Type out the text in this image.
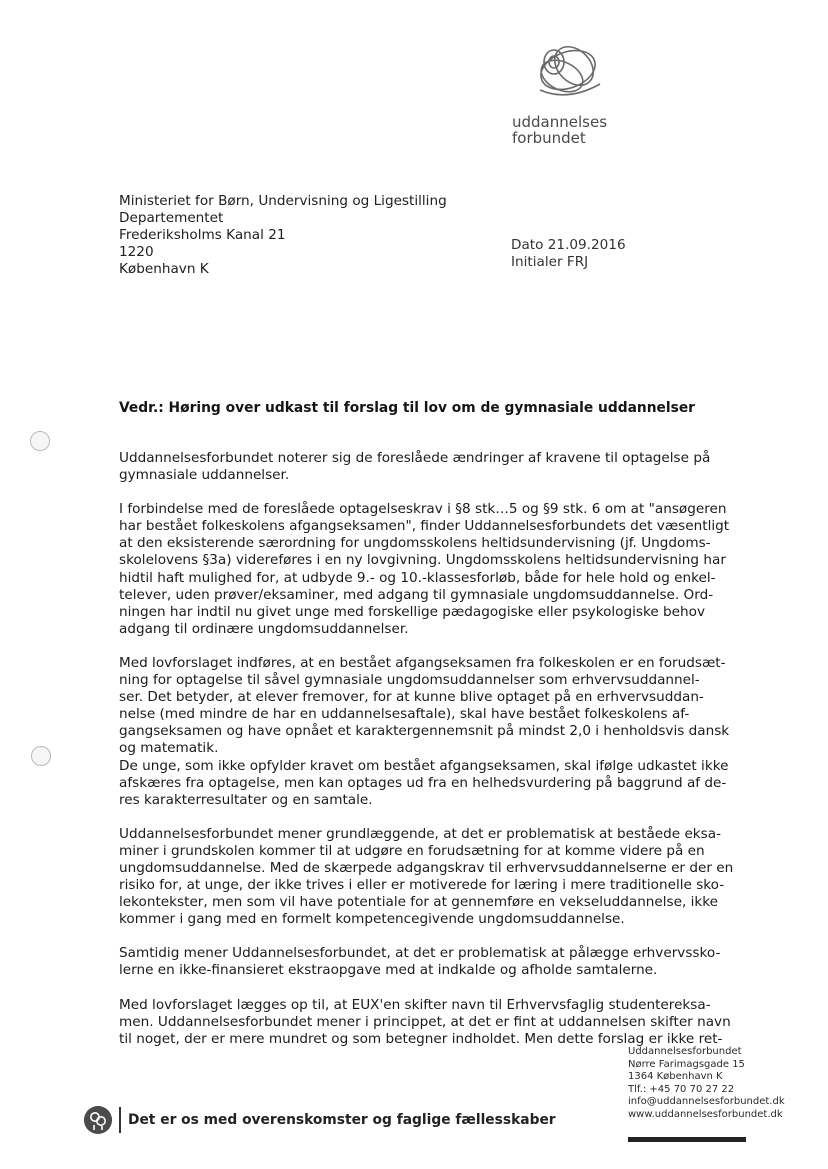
uddannelses
forbundet
Ministeriet for Børn, Undervisning og Ligestilling
Departementet
Frederiksholms Kanal 21
1220
København K
Dato 21.09.2016
Initialer FRJ
Vedr.: Høring over udkast til forslag til lov om de gymnasiale uddannelser

Uddannelsesforbundet noterer sig de foreslåede ændringer af kravene til optagelse på
gymnasiale uddannelser.

I forbindelse med de foreslåede optagelseskrav i §8 stk…5 og §9 stk. 6 om at "ansøgeren
har bestået folkeskolens afgangseksamen", finder Uddannelsesforbundets det væsentligt
at den eksisterende særordning for ungdomsskolens heltidsundervisning (jf. Ungdoms-
skolelovens §3a) videreføres i en ny lovgivning. Ungdomsskolens heltidsundervisning har
hidtil haft mulighed for, at udbyde 9.- og 10.-klassesforløb, både for hele hold og enkel-
telever, uden prøver/eksaminer, med adgang til gymnasiale ungdomsuddannelse. Ord-
ningen har indtil nu givet unge med forskellige pædagogiske eller psykologiske behov
adgang til ordinære ungdomsuddannelser.

Med lovforslaget indføres, at en bestået afgangseksamen fra folkeskolen er en forudsæt-
ning for optagelse til såvel gymnasiale ungdomsuddannelser som erhvervsuddannel-
ser. Det betyder, at elever fremover, for at kunne blive optaget på en erhvervsuddan-
nelse (med mindre de har en uddannelsesaftale), skal have bestået folkeskolens af-
gangseksamen og have opnået et karaktergennemsnit på mindst 2,0 i henholdsvis dansk
og matematik.

De unge, som ikke opfylder kravet om bestået afgangseksamen, skal ifølge udkastet ikke
afskæres fra optagelse, men kan optages ud fra en helhedsvurdering på baggrund af de-
res karakterresultater og en samtale.

Uddannelsesforbundet mener grundlæggende, at det er problematisk at beståede eksa-
miner i grundskolen kommer til at udgøre en forudsætning for at komme videre på en
ungdomsuddannelse. Med de skærpede adgangskrav til erhvervsuddannelserne er der en
risiko for, at unge, der ikke trives i eller er motiverede for læring i mere traditionelle sko-
lekontekster, men som vil have potentiale for at gennemføre en vekseluddannelse, ikke
kommer i gang med en formelt kompetencegivende ungdomsuddannelse.

Samtidig mener Uddannelsesforbundet, at det er problematisk at pålægge erhvervssko-
lerne en ikke-finansieret ekstraopgave med at indkalde og afholde samtalerne.

Med lovforslaget lægges op til, at EUX'en skifter navn til Erhvervsfaglig studentereksa-
men. Uddannelsesforbundet mener i princippet, at det er fint at uddannelsen skifter navn
til noget, der er mere mundret og som betegner indholdet. Men dette forslag er ikke ret-

Uddannelsesforbundet
Nørre Farimagsgade 15
1364 København K
Tlf.: +45 70 70 27 22
info@uddannelsesforbundet.dk
www.uddannelsesforbundet.dk
Det er os med overenskomster og faglige fællesskaber
